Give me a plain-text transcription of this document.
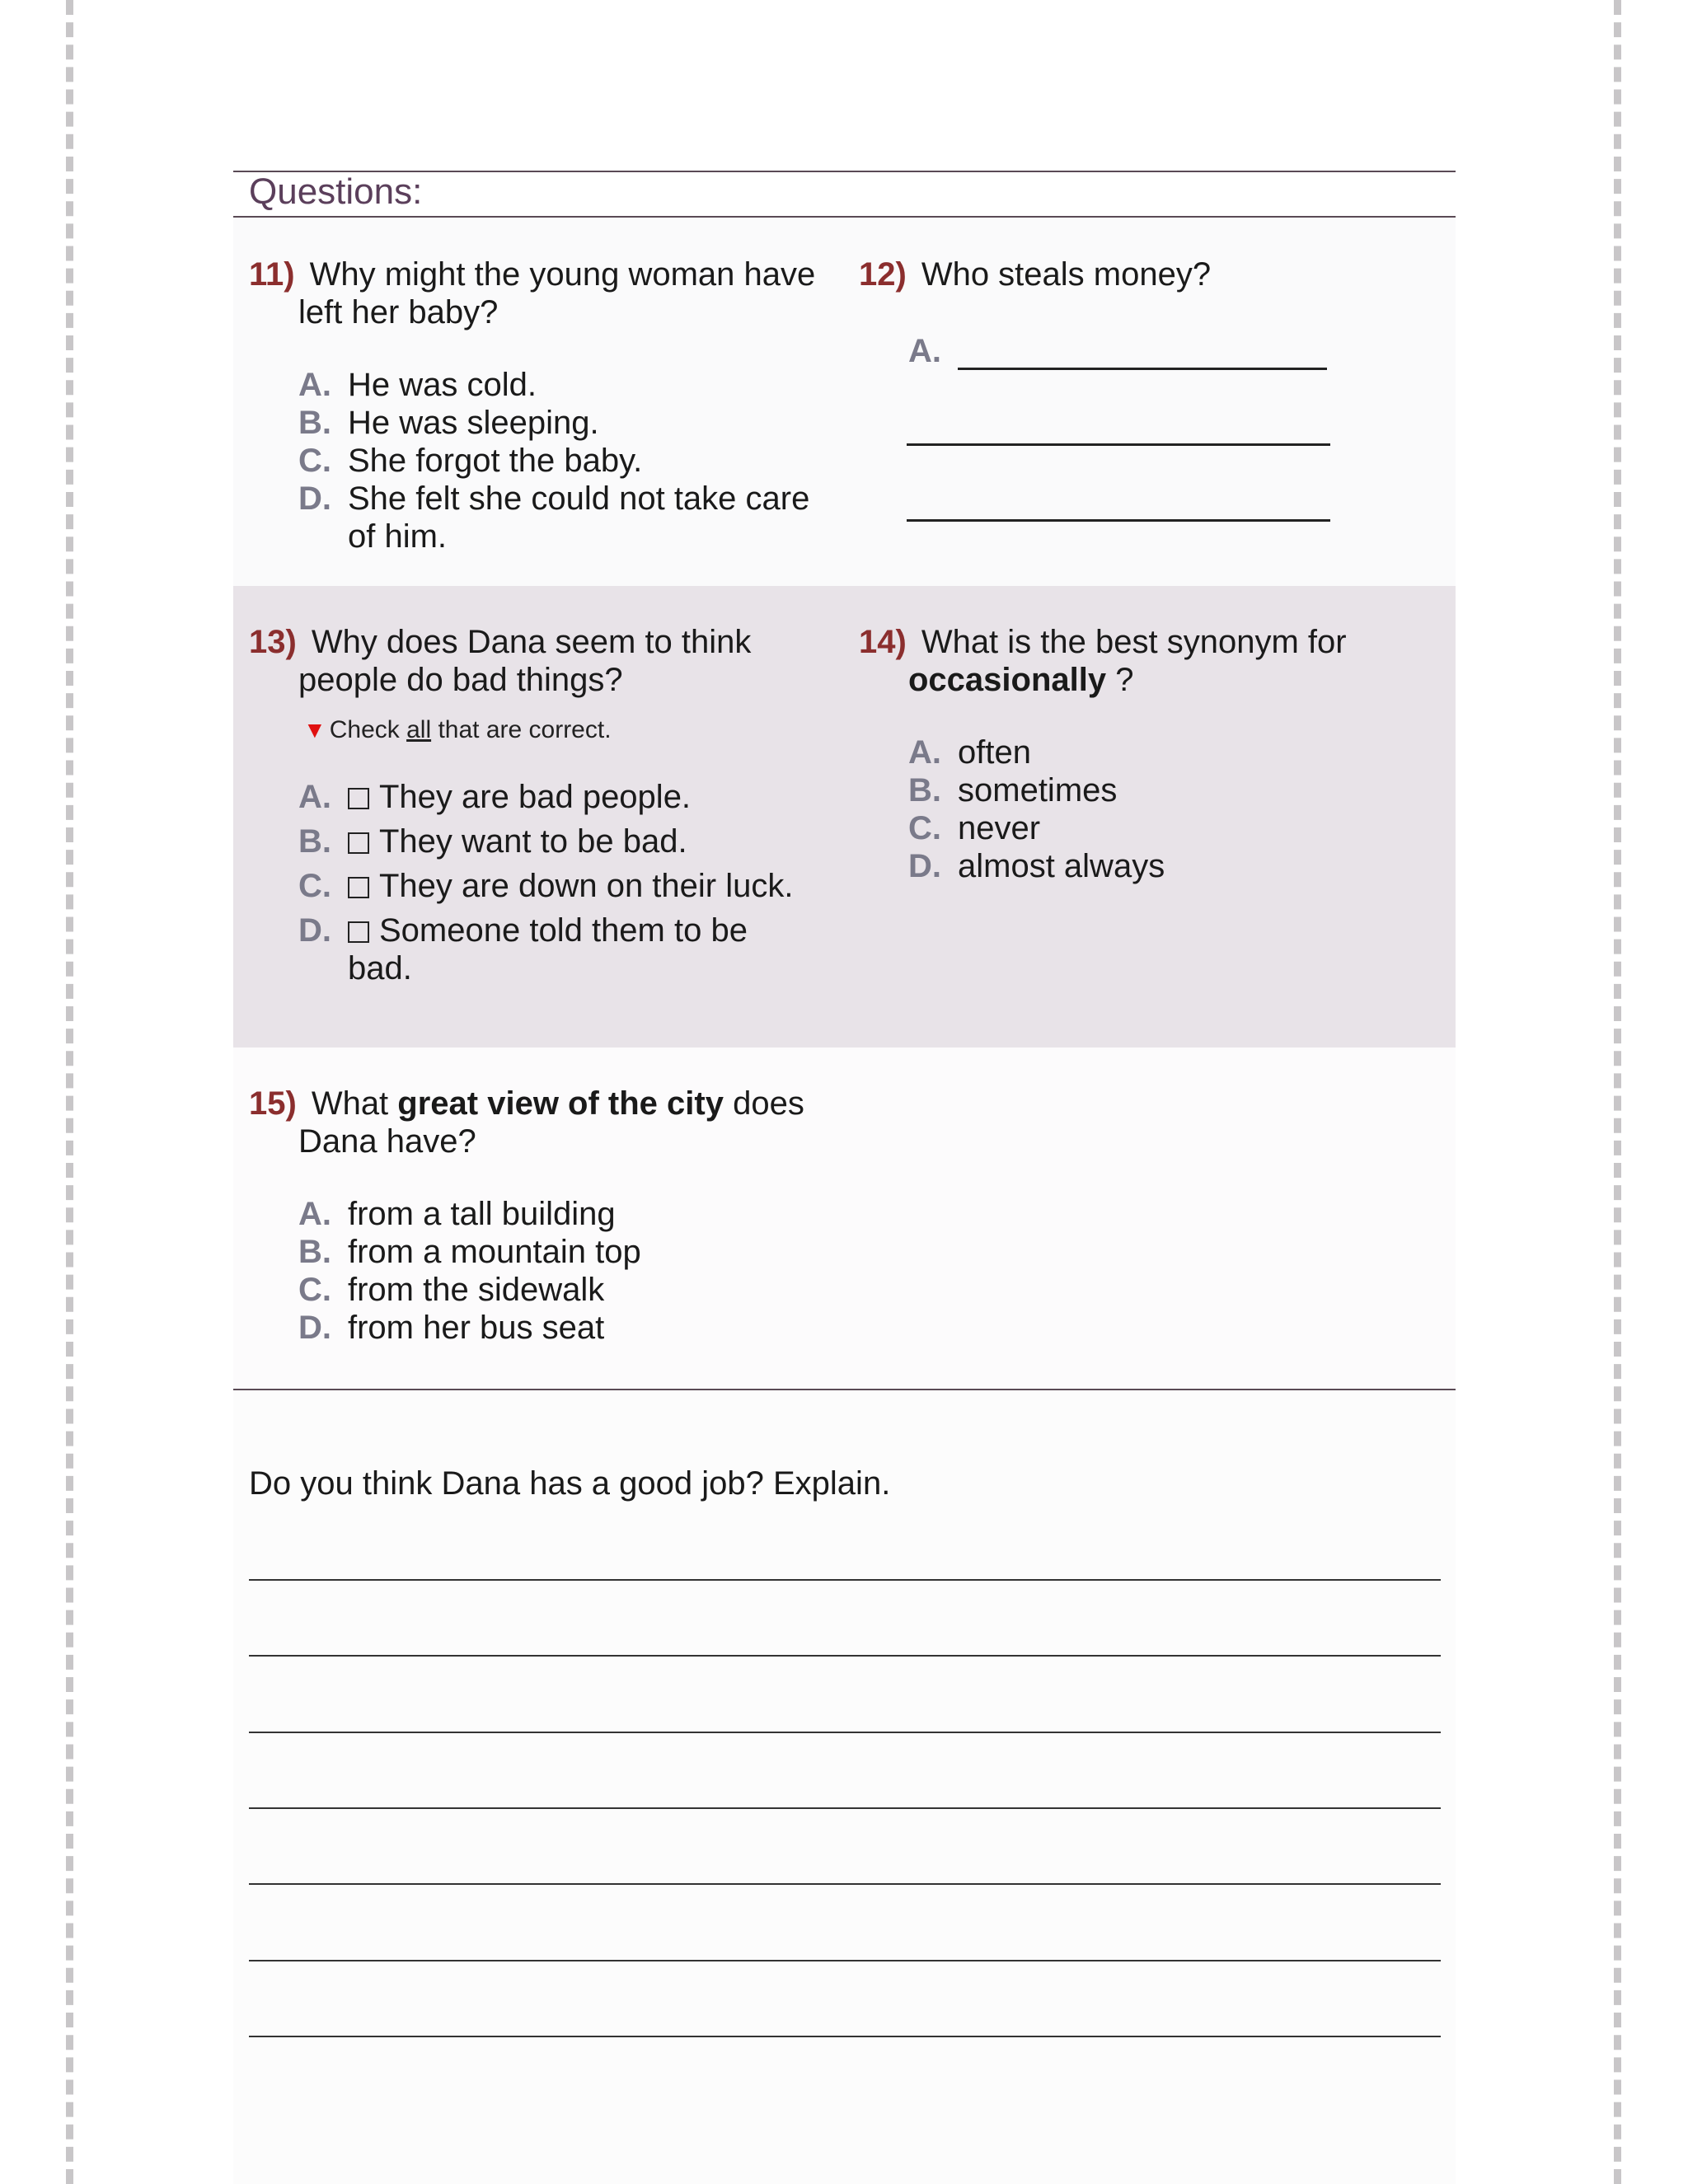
Questions:
11) Why might the young woman have left her baby?
A. He was cold.
B. He was sleeping.
C. She forgot the baby.
D. She felt she could not take care of him.
12) Who steals money?
A.
13) Why does Dana seem to think people do bad things?
▼ Check all that are correct.
A. They are bad people.
B. They want to be bad.
C. They are down on their luck.
D. Someone told them to be bad.
14) What is the best synonym for occasionally ?
A. often
B. sometimes
C. never
D. almost always
15) What great view of the city does Dana have?
A. from a tall building
B. from a mountain top
C. from the sidewalk
D. from her bus seat
Do you think Dana has a good job? Explain.
